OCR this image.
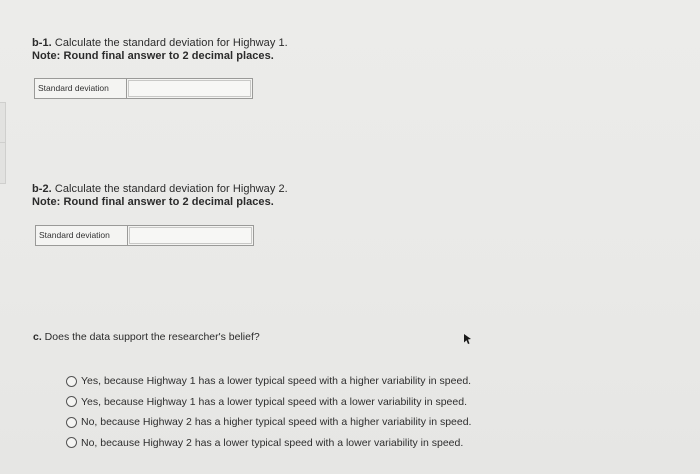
b-1. Calculate the standard deviation for Highway 1.
Note: Round final answer to 2 decimal places.
Standard deviation
b-2. Calculate the standard deviation for Highway 2.
Note: Round final answer to 2 decimal places.
Standard deviation
c. Does the data support the researcher's belief?
Yes, because Highway 1 has a lower typical speed with a higher variability in speed.
Yes, because Highway 1 has a lower typical speed with a lower variability in speed.
No, because Highway 2 has a higher typical speed with a higher variability in speed.
No, because Highway 2 has a lower typical speed with a lower variability in speed.
